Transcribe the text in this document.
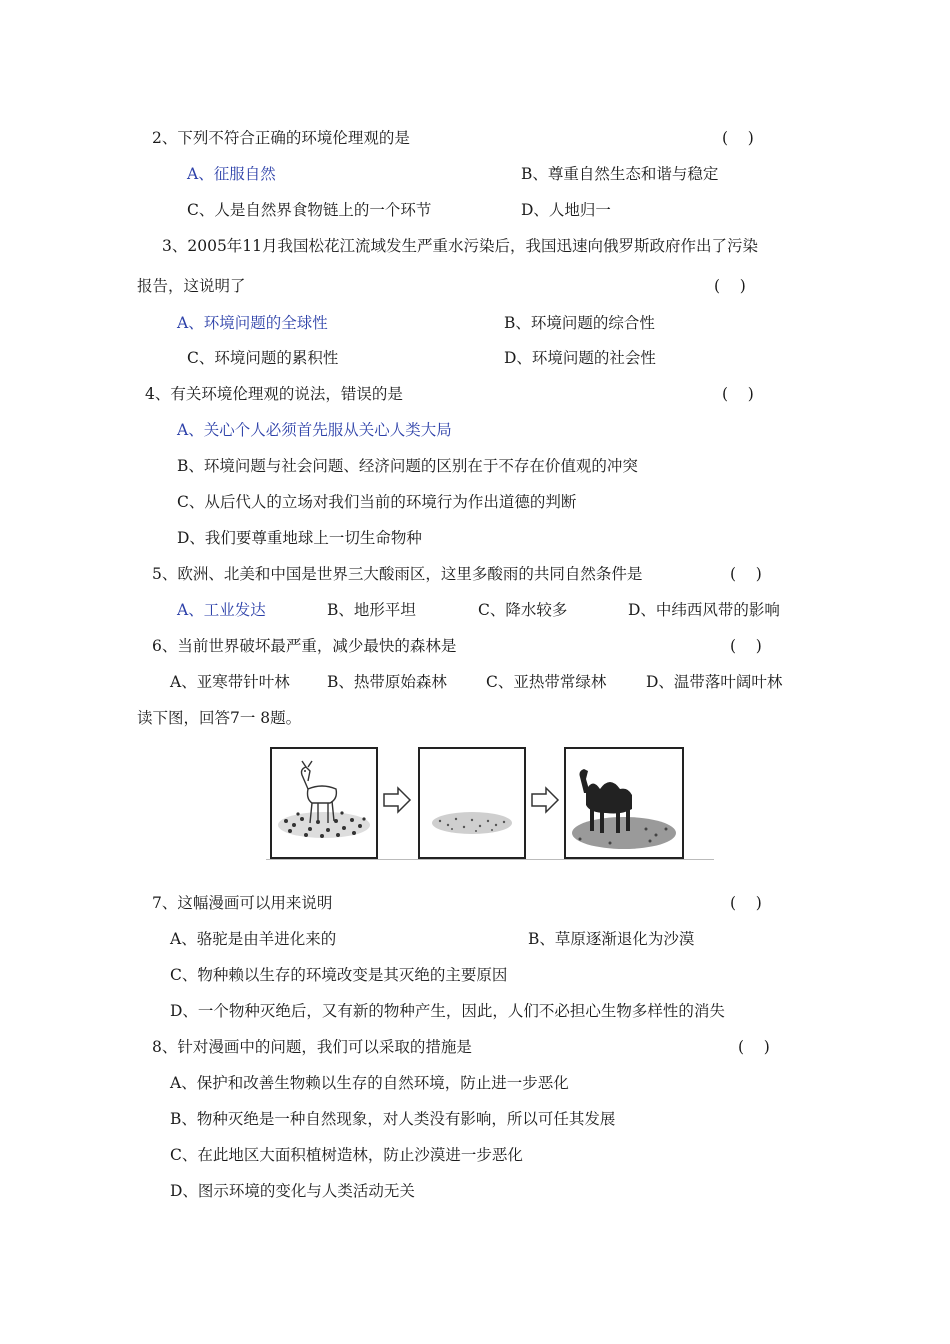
2、下列不符合正确的环境伦理观的是	(    )
A、征服自然	B、尊重自然生态和谐与稳定
C、人是自然界食物链上的一个环节	D、人地归一
3、2005年11月我国松花江流域发生严重水污染后，我国迅速向俄罗斯政府作出了污染
报告，这说明了	(    )
A、环境问题的全球性	B、环境问题的综合性
C、环境问题的累积性	D、环境问题的社会性
4、有关环境伦理观的说法，错误的是	(    )
A、关心个人必须首先服从关心人类大局
B、环境问题与社会问题、经济问题的区别在于不存在价值观的冲突
C、从后代人的立场对我们当前的环境行为作出道德的判断
D、我们要尊重地球上一切生命物种
5、欧洲、北美和中国是世界三大酸雨区，这里多酸雨的共同自然条件是	(    )
A、工业发达	B、地形平坦	C、降水较多	D、中纬西风带的影响
6、当前世界破坏最严重，减少最快的森林是	(    )
A、亚寒带针叶林 B、热带原始森林	C、亚热带常绿林	D、温带落叶阔叶林
读下图，回答7一 8题。
7、这幅漫画可以用来说明	(    )
A、骆驼是由羊进化来的	B、草原逐渐退化为沙漠
C、物种赖以生存的环境改变是其灭绝的主要原因
D、一个物种灭绝后，又有新的物种产生，因此，人们不必担心生物多样性的消失
8、针对漫画中的问题，我们可以采取的措施是	(    )
A、保护和改善生物赖以生存的自然环境，防止进一步恶化
B、物种灭绝是一种自然现象，对人类没有影响，所以可任其发展
C、在此地区大面积植树造林，防止沙漠进一步恶化
D、图示环境的变化与人类活动无关
